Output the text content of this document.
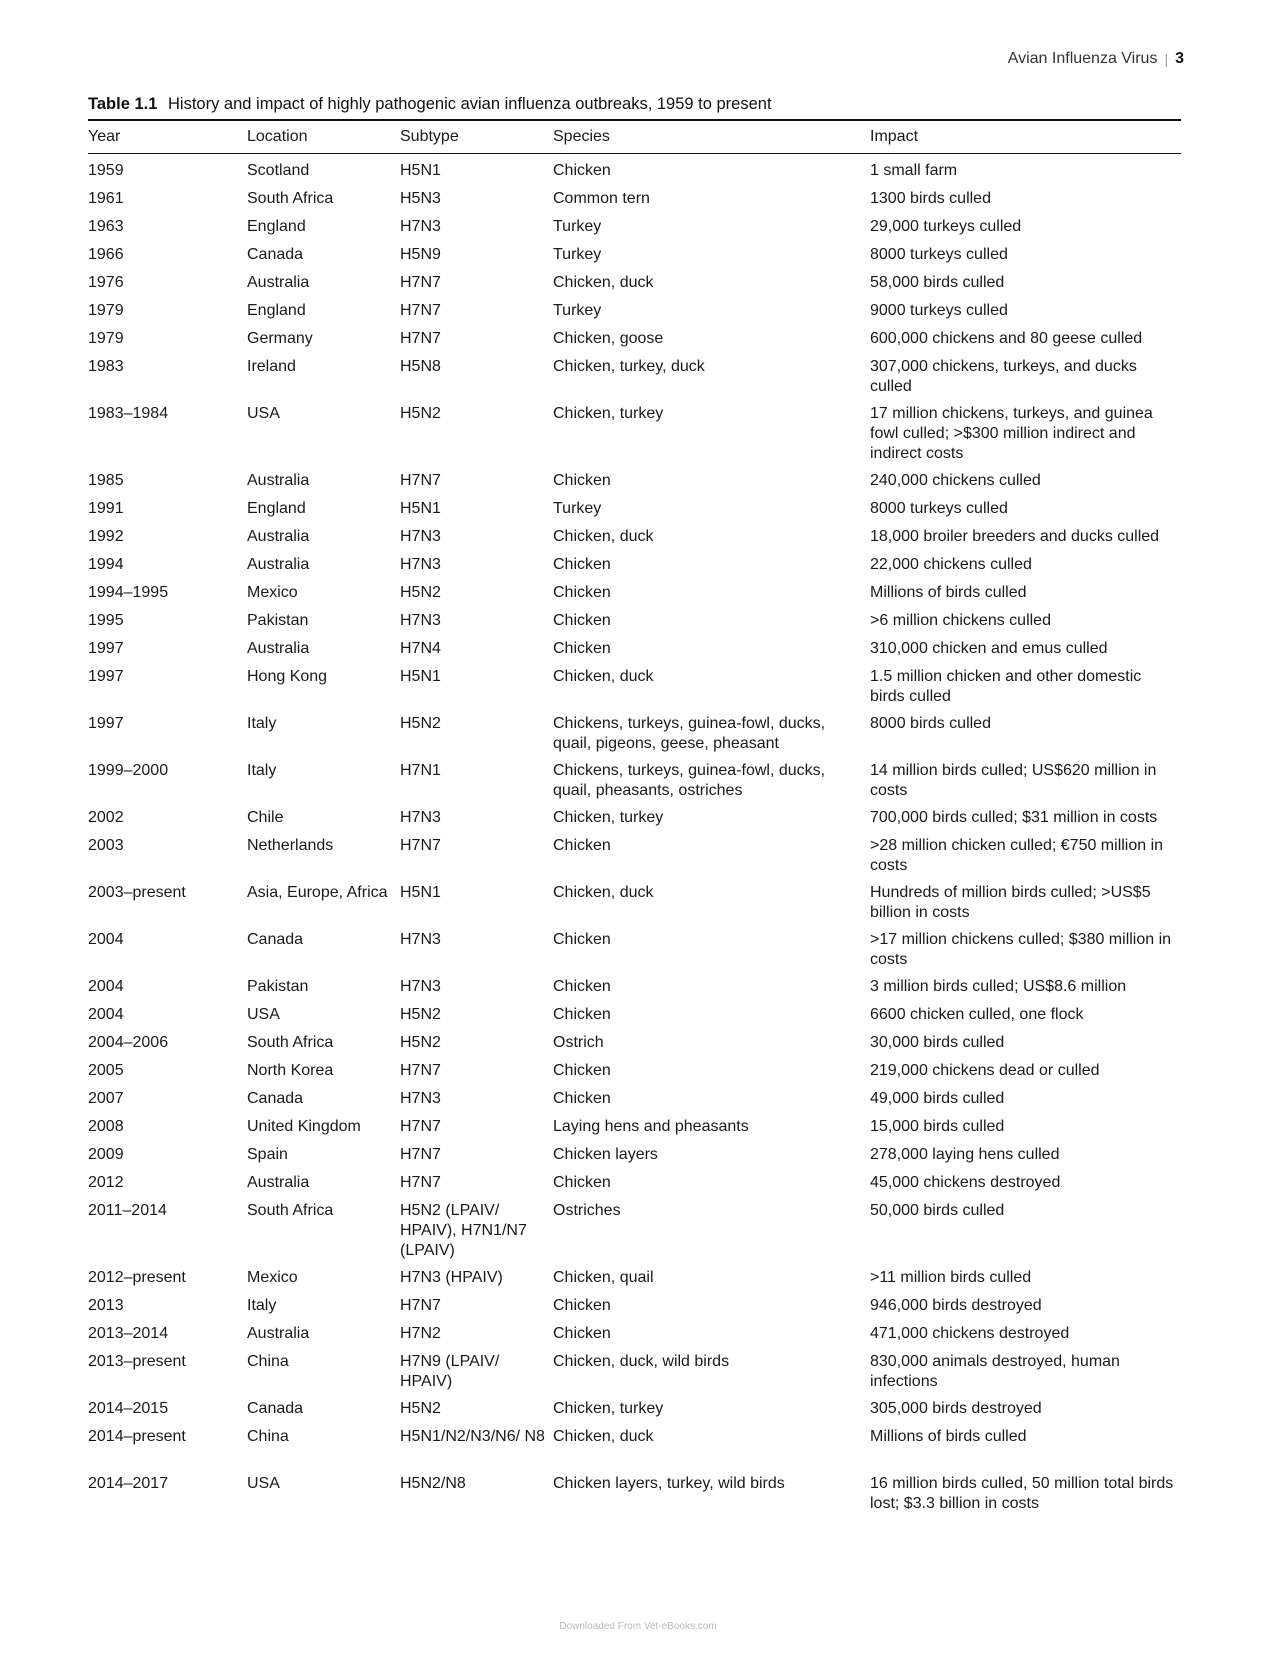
Avian Influenza Virus | 3
Table 1.1 History and impact of highly pathogenic avian influenza outbreaks, 1959 to present
Year	Location	Subtype	Species	Impact
1959	Scotland	H5N1	Chicken	1 small farm
1961	South Africa	H5N3	Common tern	1300 birds culled
1963	England	H7N3	Turkey	29,000 turkeys culled
1966	Canada	H5N9	Turkey	8000 turkeys culled
1976	Australia	H7N7	Chicken, duck	58,000 birds culled
1979	England	H7N7	Turkey	9000 turkeys culled
1979	Germany	H7N7	Chicken, goose	600,000 chickens and 80 geese culled
1983	Ireland	H5N8	Chicken, turkey, duck	307,000 chickens, turkeys, and ducks culled
1983–1984	USA	H5N2	Chicken, turkey	17 million chickens, turkeys, and guinea fowl culled; >$300 million indirect and indirect costs
1985	Australia	H7N7	Chicken	240,000 chickens culled
1991	England	H5N1	Turkey	8000 turkeys culled
1992	Australia	H7N3	Chicken, duck	18,000 broiler breeders and ducks culled
1994	Australia	H7N3	Chicken	22,000 chickens culled
1994–1995	Mexico	H5N2	Chicken	Millions of birds culled
1995	Pakistan	H7N3	Chicken	>6 million chickens culled
1997	Australia	H7N4	Chicken	310,000 chicken and emus culled
1997	Hong Kong	H5N1	Chicken, duck	1.5 million chicken and other domestic birds culled
1997	Italy	H5N2	Chickens, turkeys, guinea-fowl, ducks, quail, pigeons, geese, pheasant	8000 birds culled
1999–2000	Italy	H7N1	Chickens, turkeys, guinea-fowl, ducks, quail, pheasants, ostriches	14 million birds culled; US$620 million in costs
2002	Chile	H7N3	Chicken, turkey	700,000 birds culled; $31 million in costs
2003	Netherlands	H7N7	Chicken	>28 million chicken culled; €750 million in costs
2003–present	Asia, Europe, Africa	H5N1	Chicken, duck	Hundreds of million birds culled; >US$5 billion in costs
2004	Canada	H7N3	Chicken	>17 million chickens culled; $380 million in costs
2004	Pakistan	H7N3	Chicken	3 million birds culled; US$8.6 million
2004	USA	H5N2	Chicken	6600 chicken culled, one flock
2004–2006	South Africa	H5N2	Ostrich	30,000 birds culled
2005	North Korea	H7N7	Chicken	219,000 chickens dead or culled
2007	Canada	H7N3	Chicken	49,000 birds culled
2008	United Kingdom	H7N7	Laying hens and pheasants	15,000 birds culled
2009	Spain	H7N7	Chicken layers	278,000 laying hens culled
2012	Australia	H7N7	Chicken	45,000 chickens destroyed
2011–2014	South Africa	H5N2 (LPAIV/ HPAIV), H7N1/N7 (LPAIV)	Ostriches	50,000 birds culled
2012–present	Mexico	H7N3 (HPAIV)	Chicken, quail	>11 million birds culled
2013	Italy	H7N7	Chicken	946,000 birds destroyed
2013–2014	Australia	H7N2	Chicken	471,000 chickens destroyed
2013–present	China	H7N9 (LPAIV/ HPAIV)	Chicken, duck, wild birds	830,000 animals destroyed, human infections
2014–2015	Canada	H5N2	Chicken, turkey	305,000 birds destroyed
2014–present	China	H5N1/N2/N3/N6/ N8	Chicken, duck	Millions of birds culled
2014–2017	USA	H5N2/N8	Chicken layers, turkey, wild birds	16 million birds culled, 50 million total birds lost; $3.3 billion in costs
Downloaded From Vet-eBooks.com
